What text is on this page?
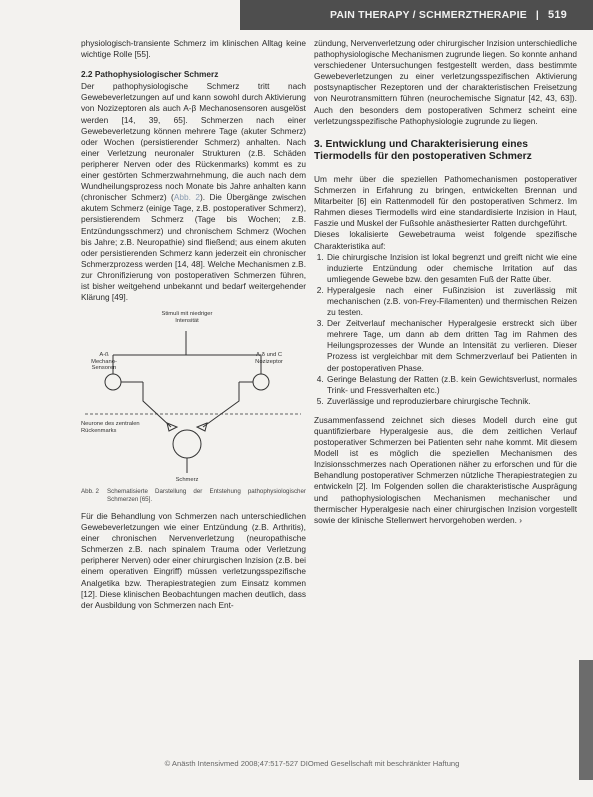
PAIN THERAPY / SCHMERZTHERAPIE | 519

physiologisch-transiente Schmerz im klinischen Alltag keine wichtige Rolle [55].

2.2 Pathophysiologischer Schmerz

Der pathophysiologische Schmerz tritt nach Gewebeverletzungen auf und kann sowohl durch Aktivierung von Nozizeptoren als auch A-β Mechanosensoren ausgelöst werden [14, 39, 65]. Schmerzen nach einer Gewebeverletzung können mehrere Tage (akuter Schmerz) oder Wochen (persistierender Schmerz) anhalten. Nach einer Verletzung neuronaler Strukturen (z.B. Schäden peripherer Nerven oder des Rückenmarks) kommt es zu einer gestörten Schmerzwahrnehmung, die auch nach dem Wundheilungsprozess noch Monate bis Jahre anhalten kann (chronischer Schmerz) (Abb. 2). Die Übergänge zwischen akutem Schmerz (einige Tage, z.B. postoperativer Schmerz), persistierendem Schmerz (Tage bis Wochen; z.B. Entzündungsschmerz) und chronischem Schmerz (Wochen bis Jahre; z.B. Neuropathie) sind fließend; aus einem akuten oder persistierenden Schmerz kann jederzeit ein chronischer Schmerzprozess werden [14, 48]. Welche Mechanismen z.B. zur Chronifizierung von postoperativen Schmerzen führen, ist bisher weitgehend unbekannt und bedarf weitergehender Klärung [49].

Stimuli mit niedriger Intensität
A-ß
Mechano-
Sensoren
A-δ und C
Nozizeptor
Neurone des zentralen
Rückenmarks
Schmerz
Abb. 2	Schematisierte Darstellung der Entstehung pathophysiologischer Schmerzen [65].

Für die Behandlung von Schmerzen nach unterschiedlichen Gewebeverletzungen wie einer Entzündung (z.B. Arthritis), einer chronischen Nervenverletzung (neuropathische Schmerzen z.B. nach spinalem Trauma oder Verletzung peripherer Nerven) oder einer chirurgischen Inzision (z.B. bei einem operativen Eingriff) müssen verletzungsspezifische Analgetika bzw. Therapiestrategien zum Einsatz kommen [12]. Diese klinischen Beobachtungen machen deutlich, dass der Ausbildung von Schmerzen nach Ent-

zündung, Nervenverletzung oder chirurgischer Inzision unterschiedliche pathophysiologische Mechanismen zugrunde liegen. So konnte anhand verschiedener Untersuchungen festgestellt werden, dass bestimmte Gewebeverletzungen zu einer verletzungsspezifischen Aktivierung postsynaptischer Rezeptoren und der charakteristischen Freisetzung von Neurotransmittern führen (neurochemische Signatur [42, 43, 63]). Auch den besonders dem postoperativen Schmerz scheint eine verletzungsspezifische Pathophysiologie zugrunde zu liegen.

3. Entwicklung und Charakterisierung eines Tiermodells für den postoperativen Schmerz

Um mehr über die speziellen Pathomechanismen postoperativer Schmerzen in Erfahrung zu bringen, entwickelten Brennan und Mitarbeiter [6] ein Rattenmodell für den postoperativen Schmerz. Im Rahmen dieses Tiermodells wird eine standardisierte Inzision in Haut, Faszie und Muskel der Fußsohle anästhesierter Ratten durchgeführt.

Dieses lokalisierte Gewebetrauma weist folgende spezifische Charakteristika auf:

1. Die chirurgische Inzision ist lokal begrenzt und greift nicht wie eine induzierte Entzündung oder chemische Irritation auf das umliegende Gewebe bzw. den gesamten Fuß der Ratte über.
2. Hyperalgesie nach einer Fußinzision ist zuverlässig mit mechanischen (z.B. von-Frey-Filamenten) und thermischen Reizen zu testen.
3. Der Zeitverlauf mechanischer Hyperalgesie erstreckt sich über mehrere Tage, um dann ab dem dritten Tag im Rahmen des Heilungsprozesses der Wunde an Intensität zu verlieren. Dieser Prozess ist vergleichbar mit dem Schmerzverlauf bei Patienten in der postoperativen Phase.
4. Geringe Belastung der Ratten (z.B. kein Gewichtsverlust, normales Trink- und Fressverhalten etc.)
5. Zuverlässige und reproduzierbare chirurgische Technik.

Zusammenfassend zeichnet sich dieses Modell durch eine gut quantifizierbare Hyperalgesie aus, die dem zeitlichen Verlauf postoperativer Schmerzen bei Patienten sehr nahe kommt. Mit diesem Modell ist es möglich die speziellen Mechanismen des Inzisionsschmerzes nach Operationen näher zu erforschen und für die Behandlung postoperativer Schmerzen nützliche Therapiestrategien zu entwickeln [2]. Im Folgenden sollen die charakteristische Ausprägung und pathophysiologischen Mechanismen mechanischer und thermischer Hyperalgesie nach einer chirurgischen Inzision vorgestellt sowie der klinische Stellenwert hervorgehoben werden. ›

© Anästh Intensivmed 2008;47:517-527 DIOmed Gesellschaft mit beschränkter Haftung
